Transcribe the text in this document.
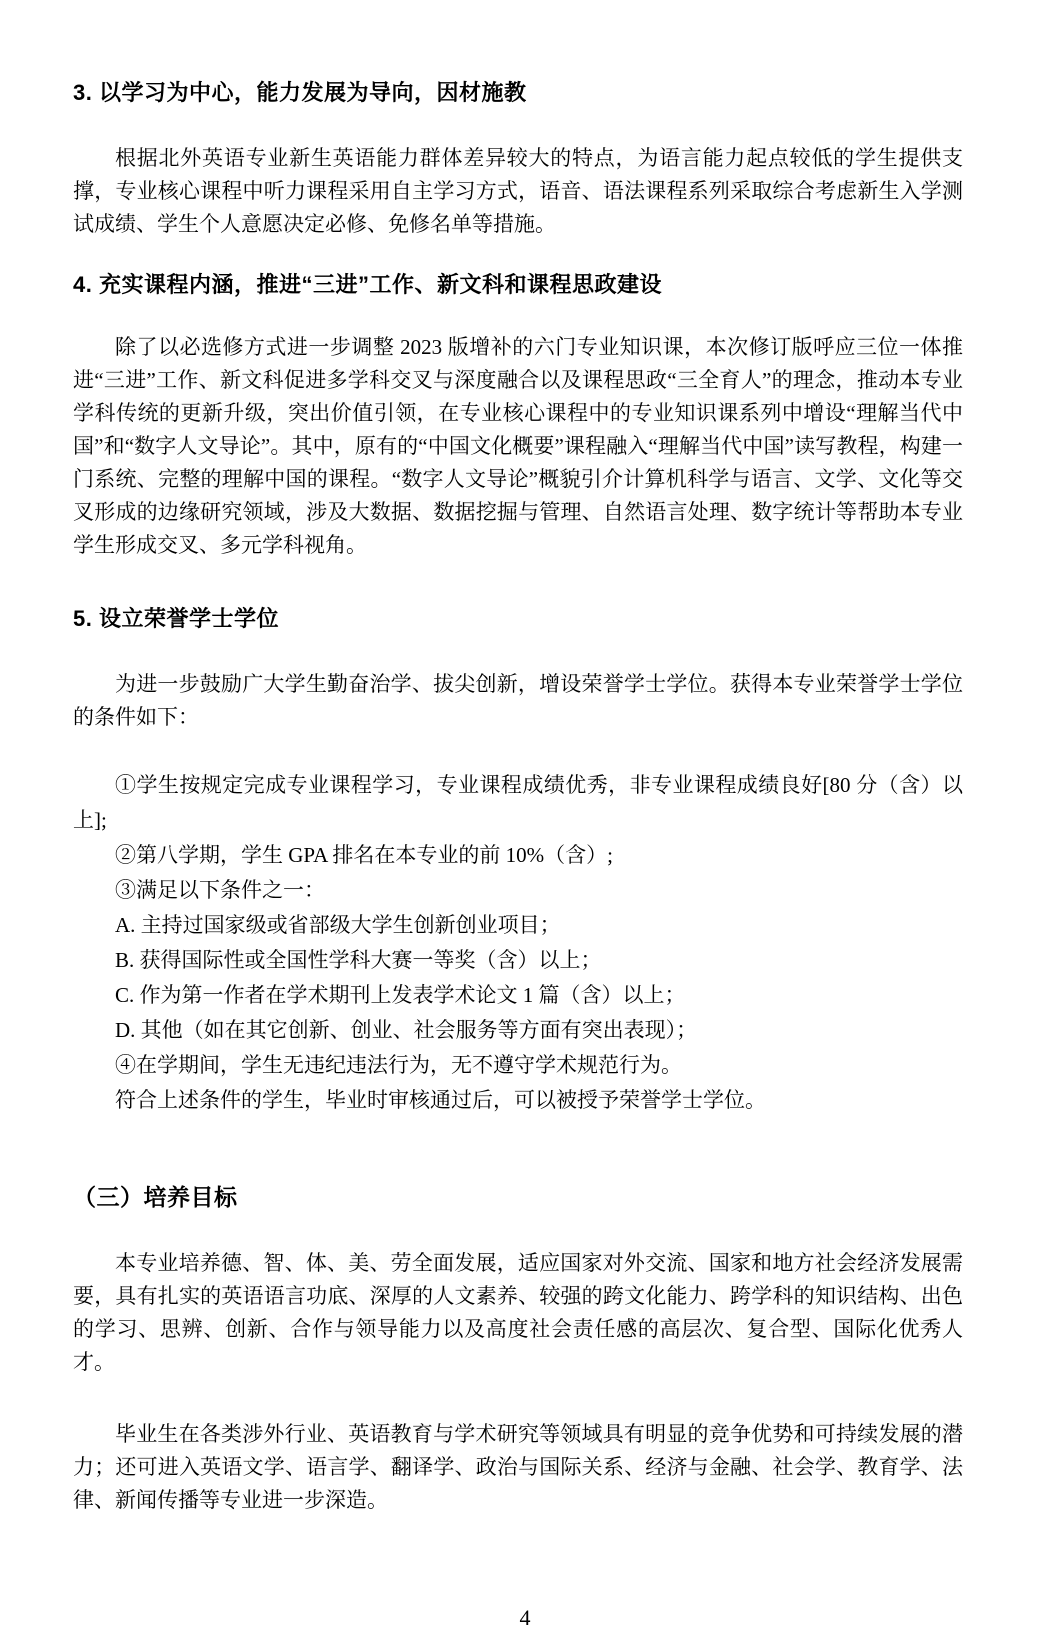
3. 以学习为中心，能力发展为导向，因材施教

根据北外英语专业新生英语能力群体差异较大的特点，为语言能力起点较低的学生提供支撑，专业核心课程中听力课程采用自主学习方式，语音、语法课程系列采取综合考虑新生入学测试成绩、学生个人意愿决定必修、免修名单等措施。

4. 充实课程内涵，推进“三进”工作、新文科和课程思政建设

除了以必选修方式进一步调整 2023 版增补的六门专业知识课，本次修订版呼应三位一体推进“三进”工作、新文科促进多学科交叉与深度融合以及课程思政“三全育人”的理念，推动本专业学科传统的更新升级，突出价值引领，在专业核心课程中的专业知识课系列中增设“理解当代中国”和“数字人文导论”。其中，原有的“中国文化概要”课程融入“理解当代中国”读写教程，构建一门系统、完整的理解中国的课程。“数字人文导论”概貌引介计算机科学与语言、文学、文化等交叉形成的边缘研究领域，涉及大数据、数据挖掘与管理、自然语言处理、数字统计等帮助本专业学生形成交叉、多元学科视角。

5. 设立荣誉学士学位

为进一步鼓励广大学生勤奋治学、拔尖创新，增设荣誉学士学位。获得本专业荣誉学士学位的条件如下：

①学生按规定完成专业课程学习，专业课程成绩优秀，非专业课程成绩良好[80 分（含）以上];

②第八学期，学生 GPA 排名在本专业的前 10%（含）;

③满足以下条件之一：

A. 主持过国家级或省部级大学生创新创业项目；

B. 获得国际性或全国性学科大赛一等奖（含）以上；

C. 作为第一作者在学术期刊上发表学术论文 1 篇（含）以上；

D. 其他（如在其它创新、创业、社会服务等方面有突出表现）；

④在学期间，学生无违纪违法行为，无不遵守学术规范行为。

符合上述条件的学生，毕业时审核通过后，可以被授予荣誉学士学位。

（三）培养目标

本专业培养德、智、体、美、劳全面发展，适应国家对外交流、国家和地方社会经济发展需要，具有扎实的英语语言功底、深厚的人文素养、较强的跨文化能力、跨学科的知识结构、出色的学习、思辨、创新、合作与领导能力以及高度社会责任感的高层次、复合型、国际化优秀人才。

毕业生在各类涉外行业、英语教育与学术研究等领域具有明显的竞争优势和可持续发展的潜力；还可进入英语文学、语言学、翻译学、政治与国际关系、经济与金融、社会学、教育学、法律、新闻传播等专业进一步深造。

4
